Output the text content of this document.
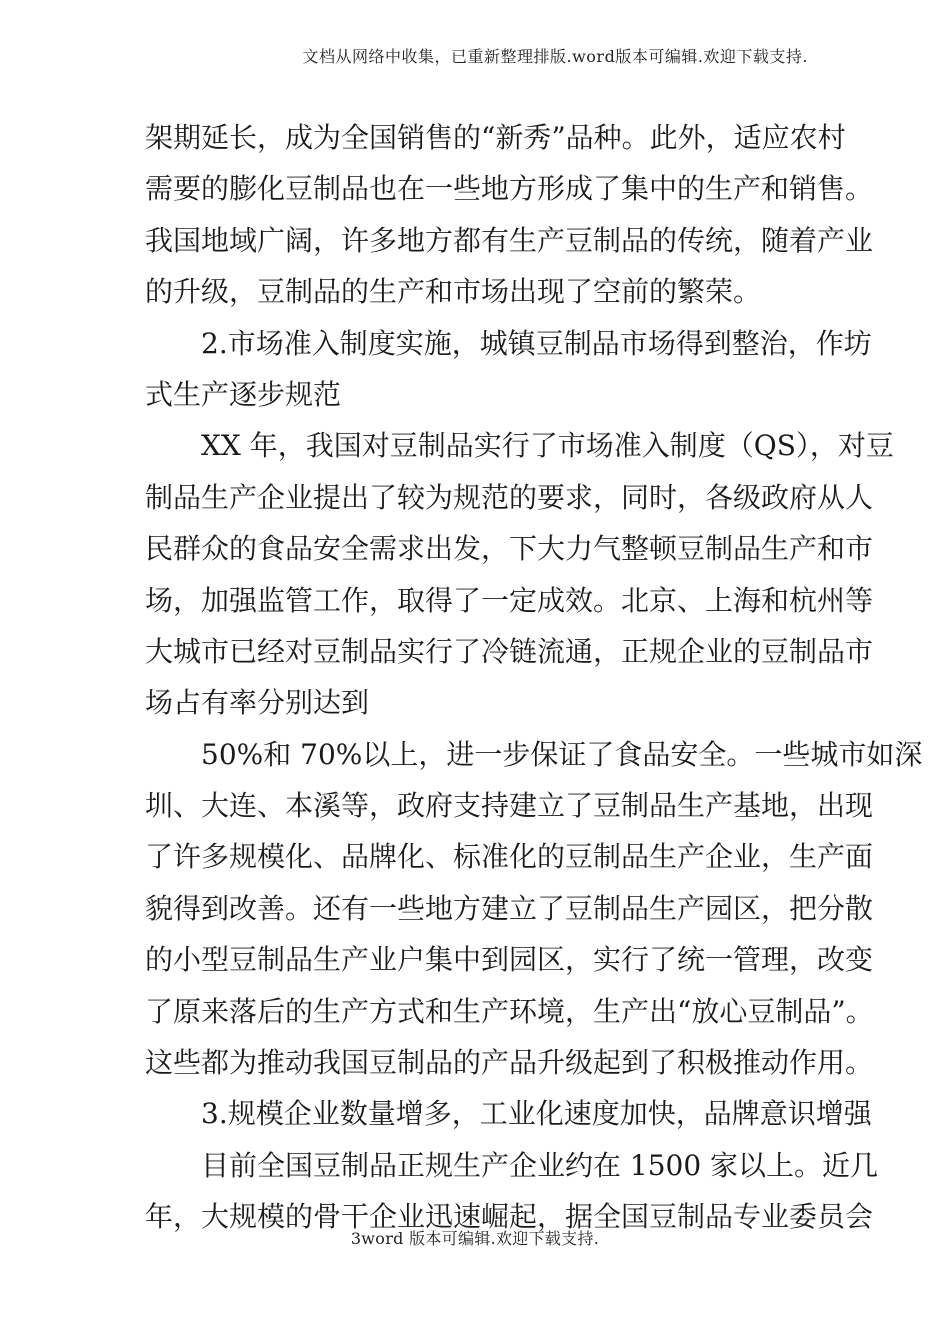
文档从网络中收集，已重新整理排版.word版本可编辑.欢迎下载支持.
架期延长，成为全国销售的“新秀”品种。此外，适应农村
需要的膨化豆制品也在一些地方形成了集中的生产和销售。
我国地域广阔，许多地方都有生产豆制品的传统，随着产业
的升级，豆制品的生产和市场出现了空前的繁荣。
2.市场准入制度实施，城镇豆制品市场得到整治，作坊
式生产逐步规范
XX 年，我国对豆制品实行了市场准入制度（QS），对豆
制品生产企业提出了较为规范的要求，同时，各级政府从人
民群众的食品安全需求出发，下大力气整顿豆制品生产和市
场，加强监管工作，取得了一定成效。北京、上海和杭州等
大城市已经对豆制品实行了冷链流通，正规企业的豆制品市
场占有率分别达到
50%和 70%以上，进一步保证了食品安全。一些城市如深
圳、大连、本溪等，政府支持建立了豆制品生产基地，出现
了许多规模化、品牌化、标准化的豆制品生产企业，生产面
貌得到改善。还有一些地方建立了豆制品生产园区，把分散
的小型豆制品生产业户集中到园区，实行了统一管理，改变
了原来落后的生产方式和生产环境，生产出“放心豆制品”。
这些都为推动我国豆制品的产品升级起到了积极推动作用。
3.规模企业数量增多，工业化速度加快，品牌意识增强
目前全国豆制品正规生产企业约在 1500 家以上。近几
年，大规模的骨干企业迅速崛起，据全国豆制品专业委员会
3word 版本可编辑.欢迎下载支持.
